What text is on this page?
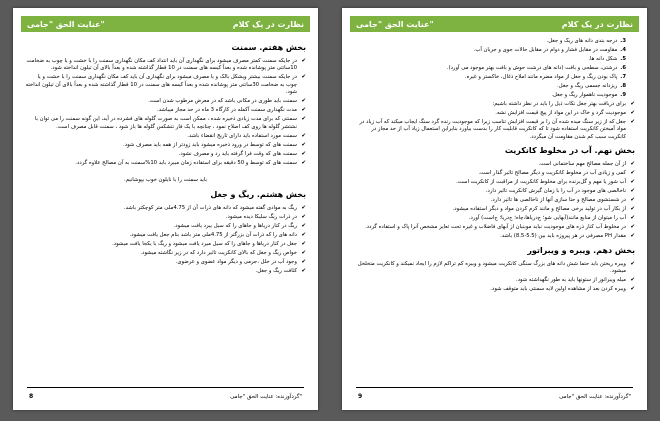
عنایت الحق "جامی"	نظارت در یک کلام
بخش هفتم. سمنت
✔ در جایکه سمنت کمتر مصرف میشود برای نگهداری آن باید انتداد کف مکان نگهداری سمنت را با خشت و یا چوب به ضخامت 10سانتی متر پوشانده شده و بعداً کیسه های سمنت در 10 قطار گذاشته شده و بعداً بالای آن تیلون انداخته شود.
✔ در جایکه سمنت بیشتر ویشکل بالک و یا مصرف میشود برای نگهداری آن باید کف مکان نگهداری سمنت را با خشت و یا چوب به ضخامت 30سانتی متر پوشانده شده و بعداً کیسه های سمنت در 10 قطار گذاشته شده و بعداً بالای آن تیلون انداخته شود.
✔ سمنت باید طوری در مکانی باشد که در معرض مرطوب شدن است.
✔ مدت نگهداری سمنت آکمله در کارگاه 3 ماه در حد مجاز میباشد.
✔ سمنتی که برای مدت زیادی ذخیره شده ، ممکن است به صورت گلوله های فشرده در آید، این گونه سمنت را می توان با نشتشر گلوله ها روی کف اصلاح نمود ، چنانچه با یک فار نتشکس گلوله ها باز شود ، سمنت قابل مصرف است.
✔ سمنت مورد استفاده باید دارای تاریخ انقضاء باشد.
✔ سمنت های که توسط در ورود ذخیره میشود باید زودتر از همه باید مصرف شود.
✔ سمنت های که وقت فرا گرفته باید رد و مصرف نشود.
✔ سمنت های که توسط و 50 دقیقه برای استفاده زمان میبرد باید 10%سمنت به آن مصالح علاوه گردد.
باید سمنت را با نایلون خوب بپوشانیم.
بخش هشتم. ریگ و جغل
✔ ریگ به موادی گفته میشود که دانه های ذرات آن از 4.75ملی متر کوچکتر باشد.
✔ در ذرات ریگ سلیکا دیده میشود.
✔ ریگ در کنار دریاها و جاهای را که سیل بیرد یافت میشود.
✔ دانه های را که ذرات آن بزرگتر از 4.75ملی متر باشد بنام جغل یافت میشود.
✔ جغل در کنار دریاها و جاهای را که سیل میرد یافت میشود و ریگ با یکجا یافت میشود.
✔ خواص ریگ و جغل که بالای کانکریت تاثیر دارد که در زیر نگاشته میشود.
✔ وجود آب در خلل ،جرمی و دیگر مواد عضوی و عرضوی.
✔ کثافت ریگ و جغل.
8	گردآورنده: عنایت الحق "جامی"
عنایت الحق "جامی"	نظارت در یک کلام
3.درجه بندی دانه های ریگ و جغل.
4.مقاومت در مقابل فشار و دوام در مقابل حالات جوی و جریان آب.
5.شکل دانه ها.
6.درشتی، سطحی و بافت (دانه های درشت حوش و بافت بهتر موجود می آورد).
7.پاک بودن ریگ و جغل از مواد مضره مانند املاح ذغال، خاکستر و غیره.
8.ریزدانه جسمی ریگ و جغل.
9.موجودیت ناهموار ریگ و جغل.
✔ برای دریافت بهتر جغل نکات ذیل را باید در نظر داشته باشیم:
✔ موجودیت گرد و خاک در این مواد از پیچ قیمت افزایش نشه.
✔ جغل که از زیر سنگ میده شده آن را بر قیمت افزایش تناسب زیرا که موجودیت رنده گرد سنگ ایجاب میکند که آب زیاد در مواد آمیختن کانکریت استفاده شود تا که کانکریت قابلیت کار را بدست بیاورد بنابراین استعمال زیاد آب از حد مجاز در کانکریت سبب کم شدن مقاومت آن میگردد.
بخش نهم. آب در مخلوط کانکریت
✔ از آن جمله مصالح مهم ساختمانی است.
✔ کمی و زیادی آب در مخلوط کانکریت و دیگر مصالح تاثیر گذار است.
✔ آب شور یا مهم و گل‌برنده برای مخلوط کانکریت از مراقبت از کانکریت است.
✔ ناخالصی های موجود در آب را با زمان گیرش کانکریت تاثیر دارد.
✔ در شستشوی مصالح و حتا سازی آنها از ناخالصی ها تاثیر دارد.
✔ از بکار آب در تولید برخی مصالح و مانند کرم کردن مواد و دیگر استفاده میشود.
✔ آب را میتوان از منابع مانند(آبهایی شو؛ ج‌دریاها،چاه؛ ج‌دریا؛ ج‌است) آورد.
✔ در مخلوط آب کنار ذره های موجودیت نباید موبنیان از آبهای فاضلاب و غیره تحت تعایر مشخص آنرا پاک و استفاده گردد.
✔ مقدار PH مصرفی در هر پیروزه باید بین (5.5-8.5) باشد.
بخش دهم. ویبره و ویبراتور
✔ ویبره ریختن باید حتما شش دانه های بزرگ سنگی کانکریت میشود و ویبره کم تراکم لازم را ایجاد نمیکند و کانکریت متخلخل میشود.
✔ میله ویبراتور از ستونها باید به طور نگهداشته شود.
✔ ویبره کردن بعد از مشاهده اولین لایه سمنتی باید متوقف شود.
9	گردآورنده: عنایت الحق "جامی"
